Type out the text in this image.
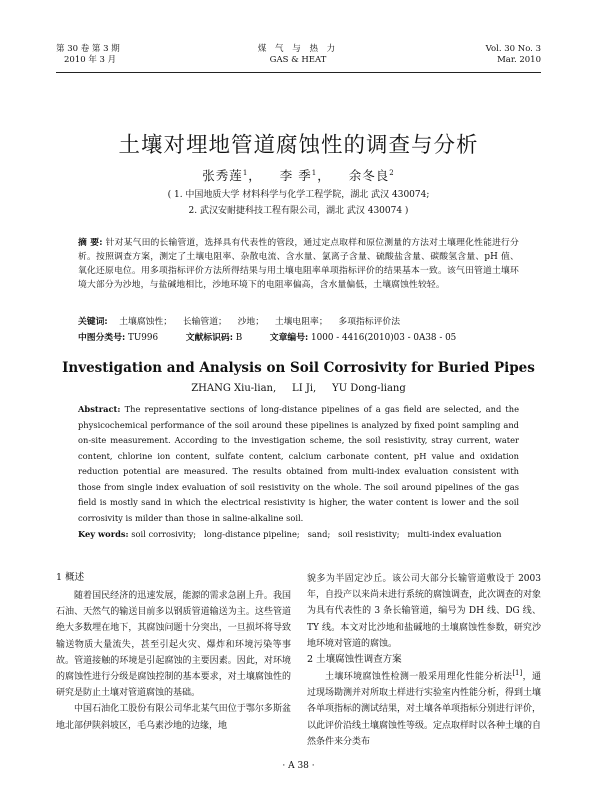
第 30 卷 第 3 期
2010 年 3 月
煤 气 与 热 力
GAS & HEAT
Vol. 30 No. 3
Mar. 2010
土壤对埋地管道腐蚀性的调查与分析
张秀莲$^1$， 李 季$^1$， 余冬良$^2$
( 1. 中国地质大学 材料科学与化学工程学院，湖北 武汉 430074;
2. 武汉安耐捷科技工程有限公司，湖北 武汉 430074 )
摘 要: 针对某气田的长输管道，选择具有代表性的管段，通过定点取样和原位测量的方法对土壤理化性能进行分析。按照调查方案，测定了土壤电阻率、杂散电流、含水量、氯离子含量、硫酸盐含量、碳酸氢含量、pH 值、氧化还原电位。用多项指标评价方法所得结果与用土壤电阻率单项指标评价的结果基本一致。该气田管道土壤环境大部分为沙地，与盐碱地相比，沙地环境下的电阻率偏高，含水量偏低，土壤腐蚀性较轻。
关键词: 土壤腐蚀性； 长输管道； 沙地； 土壤电阻率； 多项指标评价法
中图分类号: TU996	文献标识码: B	文章编号: 1000 - 4416(2010)03 - 0A38 - 05
Investigation and Analysis on Soil Corrosivity for Buried Pipes
ZHANG Xiu-lian,     LI Ji,     YU Dong-liang
Abstract: The representative sections of long-distance pipelines of a gas field are selected, and the physicochemical performance of the soil around these pipelines is analyzed by fixed point sampling and on-site measurement. According to the investigation scheme, the soil resistivity, stray current, water content, chlorine ion content, sulfate content, calcium carbonate content, pH value and oxidation reduction potential are measured. The results obtained from multi-index evaluation consistent with those from single index evaluation of soil resistivity on the whole. The soil around pipelines of the gas field is mostly sand in which the electrical resistivity is higher, the water content is lower and the soil corrosivity is milder than those in saline-alkaline soil.
Key words: soil corrosivity;   long-distance pipeline;   sand;   soil resistivity;   multi-index evaluation
1 概述

随着国民经济的迅速发展，能源的需求急剧上升。我国石油、天然气的输送目前多以钢质管道输送为主。这些管道绝大多数埋在地下，其腐蚀问题十分突出，一旦损坏将导致输送物质大量流失，甚至引起火灾、爆炸和环境污染等事故。管道接触的环境是引起腐蚀的主要因素。因此，对环境的腐蚀性进行分级是腐蚀控制的基本要求，对土壤腐蚀性的研究是防止土壤对管道腐蚀的基础。

中国石油化工股份有限公司华北某气田位于鄂尔多斯盆地北部伊陕斜坡区，毛乌素沙地的边缘，地

貌多为半固定沙丘。该公司大部分长输管道敷设于 2003 年，自投产以来尚未进行系统的腐蚀调查，此次调查的对象为具有代表性的 3 条长输管道，编号为 DH 线、DG 线、TY 线。本文对比沙地和盐碱地的土壤腐蚀性参数，研究沙地环境对管道的腐蚀。

2 土壤腐蚀性调查方案

土壤环境腐蚀性检测一般采用理化性能分析法[1]，通过现场勘测并对所取土样进行实验室内性能分析，得到土壤各单项指标的测试结果，对土壤各单项指标分别进行评价，以此评价沿线土壤腐蚀性等级。定点取样时以各种土壤的自然条件来分类布

· A 38 ·
